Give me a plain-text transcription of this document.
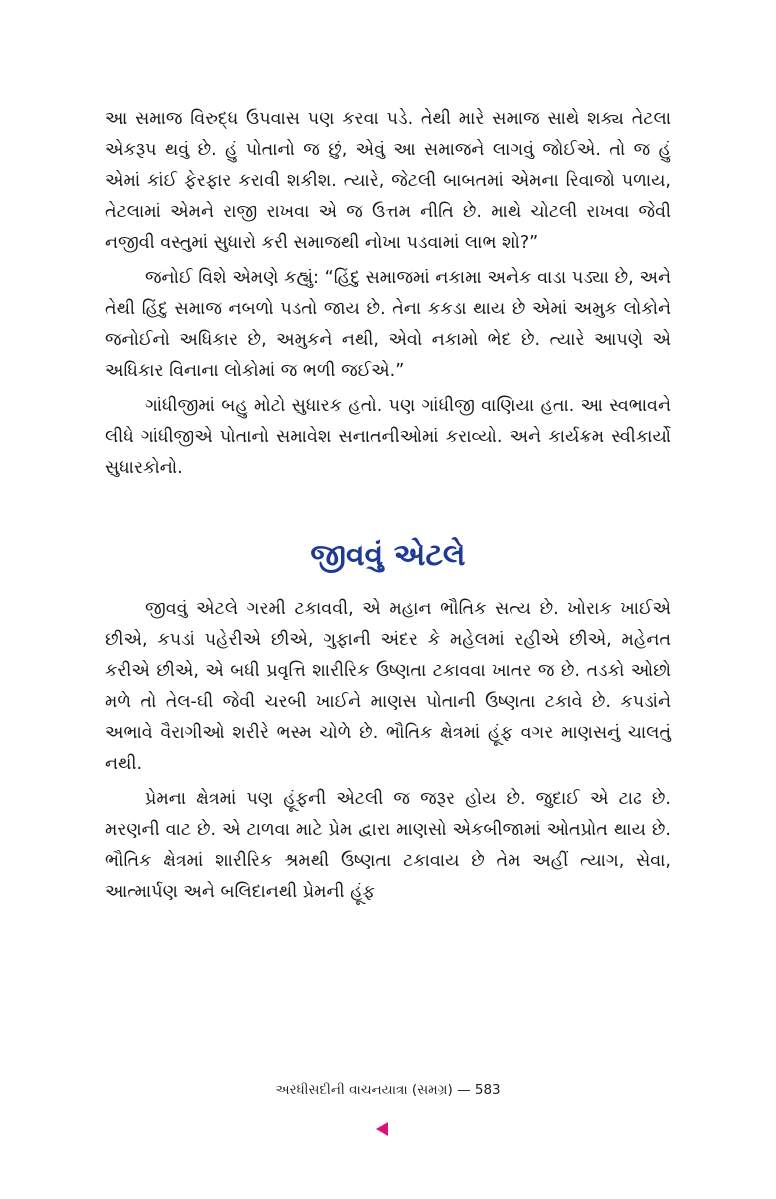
આ સમાજ વિરુદ્ધ ઉપવાસ પણ કરવા પડે. તેથી મારે સમાજ સાથે શક્ય તેટલા એકરૂપ થવું છે. હું પોતાનો જ છું, એવું આ સમાજને લાગવું જોઈએ. તો જ હું એમાં કાંઈ ફેરફાર કરાવી શકીશ. ત્યારે, જેટલી બાબતમાં એમના રિવાજો પળાય, તેટલામાં એમને રાજી રાખવા એ જ ઉત્તમ નીતિ છે. માથે ચોટલી રાખવા જેવી નજીવી વસ્તુમાં સુધારો કરી સમાજથી નોખા પડવામાં લાભ શો?”

જનોઈ વિશે એમણે કહ્યું: “હિંદુ સમાજમાં નકામા અનેક વાડા પડ્યા છે, અને તેથી હિંદુ સમાજ નબળો પડતો જાય છે. તેના કકડા થાય છે એમાં અમુક લોકોને જનોઈનો અધિકાર છે, અમુકને નથી, એવો નકામો ભેદ છે. ત્યારે આપણે એ અધિકાર વિનાના લોકોમાં જ ભળી જઈએ.”

ગાંધીજીમાં બહુ મોટો સુધારક હતો. પણ ગાંધીજી વાણિયા હતા. આ સ્વભાવને લીધે ગાંધીજીએ પોતાનો સમાવેશ સનાતનીઓમાં કરાવ્યો. અને કાર્યક્રમ સ્વીકાર્યો સુધારકોનો.

જીવવું એટલે

જીવવું એટલે ગરમી ટકાવવી, એ મહાન ભૌતિક સત્ય છે. ખોરાક ખાઈએ છીએ, કપડાં પહેરીએ છીએ, ગુફાની અંદર કે મહેલમાં રહીએ છીએ, મહેનત કરીએ છીએ, એ બધી પ્રવૃત્તિ શારીરિક ઉષ્ણતા ટકાવવા ખાતર જ છે. તડકો ઓછો મળે તો તેલ-ઘી જેવી ચરબી ખાઈને માણસ પોતાની ઉષ્ણતા ટકાવે છે. કપડાંને અભાવે વૈરાગીઓ શરીરે ભસ્મ ચોળે છે. ભૌતિક ક્ષેત્રમાં હૂંફ વગર માણસનું ચાલતું નથી.

પ્રેમના ક્ષેત્રમાં પણ હૂંફની એટલી જ જરૂર હોય છે. જુદાઈ એ ટાઢ છે. મરણની વાટ છે. એ ટાળવા માટે પ્રેમ દ્વારા માણસો એકબીજામાં ઓતપ્રોત થાય છે. ભૌતિક ક્ષેત્રમાં શારીરિક શ્રમથી ઉષ્ણતા ટકાવાય છે તેમ અહીં ત્યાગ, સેવા, આત્માર્પણ અને બલિદાનથી પ્રેમની હૂંફ

અરધીસદીની વાચનયાત્રા (સમગ્ર) — 583
